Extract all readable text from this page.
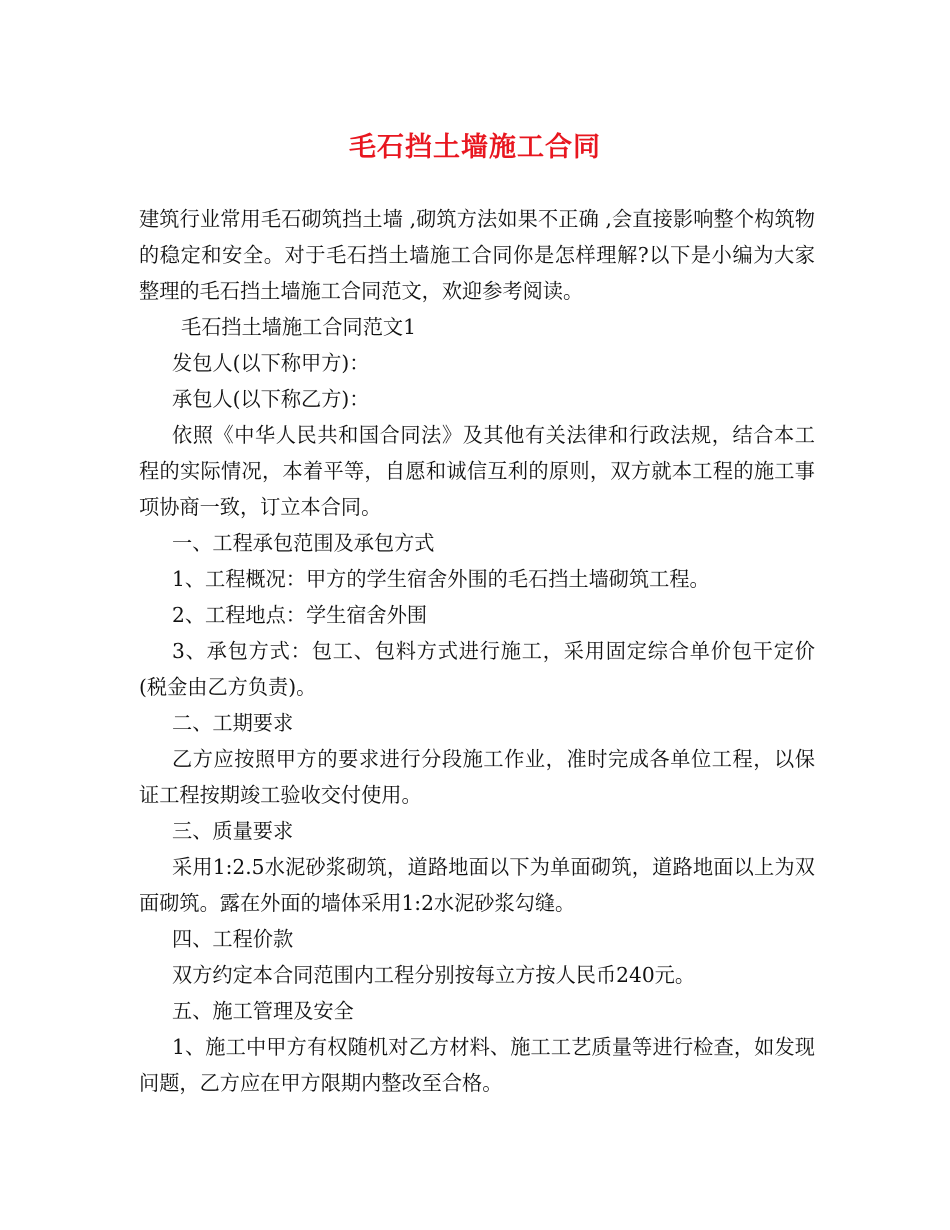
毛石挡土墙施工合同

建筑行业常用毛石砌筑挡土墙 ,砌筑方法如果不正确 ,会直接影响整个构筑物的稳定和安全。对于毛石挡土墙施工合同你是怎样理解?以下是小编为大家整理的毛石挡土墙施工合同范文，欢迎参考阅读。

毛石挡土墙施工合同范文1

发包人(以下称甲方)：

承包人(以下称乙方)：

依照《中华人民共和国合同法》及其他有关法律和行政法规，结合本工程的实际情况，本着平等，自愿和诚信互利的原则，双方就本工程的施工事项协商一致，订立本合同。

一、工程承包范围及承包方式

1、工程概况：甲方的学生宿舍外围的毛石挡土墙砌筑工程。

2、工程地点：学生宿舍外围

3、承包方式：包工、包料方式进行施工，采用固定综合单价包干定价(税金由乙方负责)。

二、工期要求

乙方应按照甲方的要求进行分段施工作业，准时完成各单位工程，以保证工程按期竣工验收交付使用。

三、质量要求

采用1:2.5水泥砂浆砌筑，道路地面以下为单面砌筑，道路地面以上为双面砌筑。露在外面的墙体采用1:2水泥砂浆勾缝。

四、工程价款

双方约定本合同范围内工程分别按每立方按人民币240元。

五、施工管理及安全

1、施工中甲方有权随机对乙方材料、施工工艺质量等进行检查，如发现问题，乙方应在甲方限期内整改至合格。
